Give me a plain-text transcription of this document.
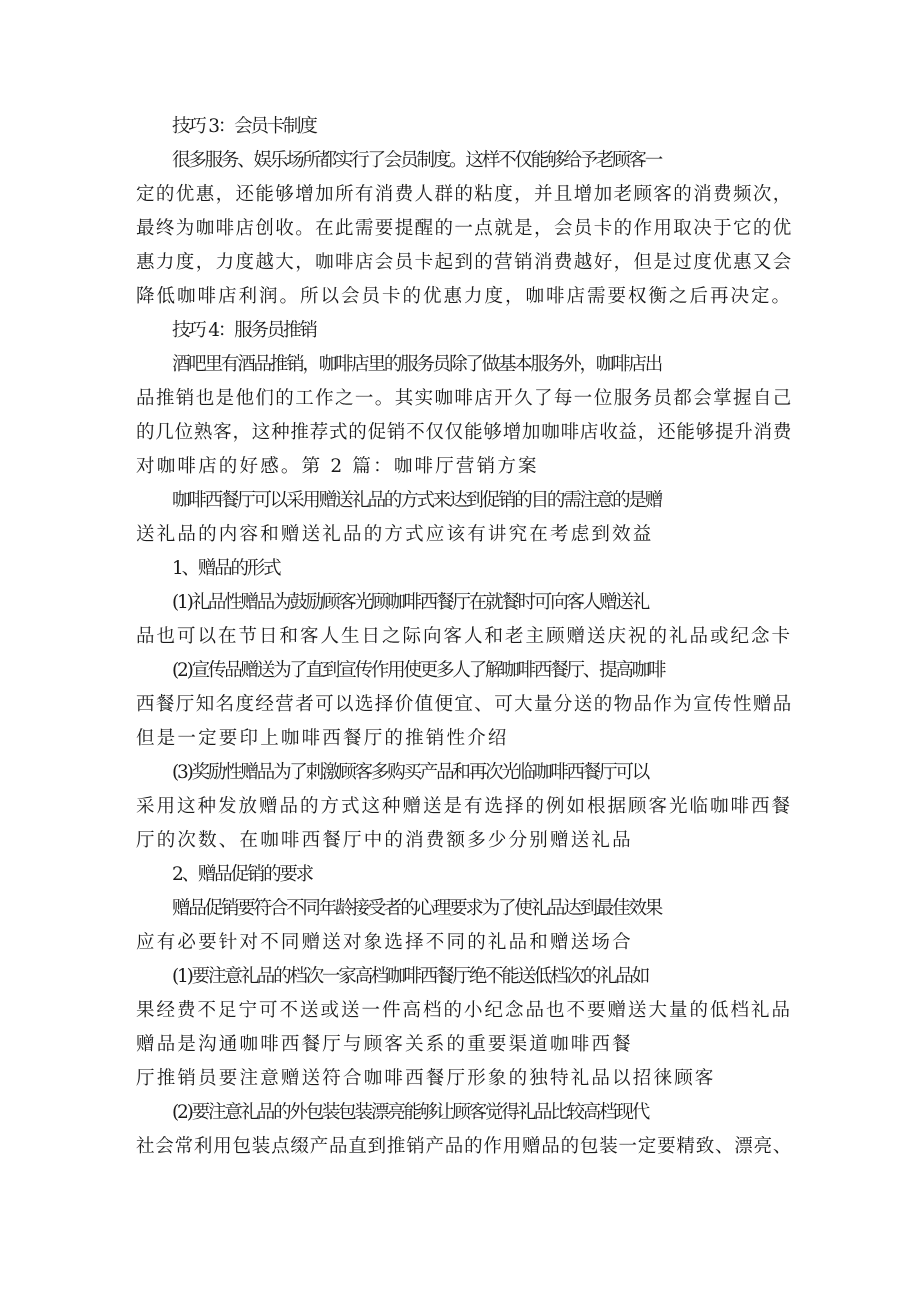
技巧 3：会员卡制度
很多服务、娱乐场所都实行了会员制度。这样不仅能够给予老顾客一
定的优惠，还能够增加所有消费人群的粘度，并且增加老顾客的消费频次，
最终为咖啡店创收。在此需要提醒的一点就是，会员卡的作用取决于它的优
惠力度，力度越大，咖啡店会员卡起到的营销消费越好，但是过度优惠又会
降低咖啡店利润。所以会员卡的优惠力度，咖啡店需要权衡之后再决定。
技巧 4：服务员推销
酒吧里有酒品推销，咖啡店里的服务员除了做基本服务外，咖啡店出
品推销也是他们的工作之一。其实咖啡店开久了每一位服务员都会掌握自己
的几位熟客，这种推荐式的促销不仅仅能够增加咖啡店收益，还能够提升消费
对咖啡店的好感。第 2 篇：咖啡厅营销方案
咖啡西餐厅可以采用赠送礼品的方式来达到促销的目的需注意的是赠
送礼品的内容和赠送礼品的方式应该有讲究在考虑到效益
1、赠品的形式
(1)礼品性赠品为鼓励顾客光顾咖啡西餐厅在就餐时可向客人赠送礼
品也可以在节日和客人生日之际向客人和老主顾赠送庆祝的礼品或纪念卡
(2)宣传品赠送为了直到宣传作用使更多人了解咖啡西餐厅、提高咖啡
西餐厅知名度经营者可以选择价值便宜、可大量分送的物品作为宣传性赠品
但是一定要印上咖啡西餐厅的推销性介绍
(3)奖励性赠品为了刺激顾客多购买产品和再次光临咖啡西餐厅可以
采用这种发放赠品的方式这种赠送是有选择的例如根据顾客光临咖啡西餐
厅的次数、在咖啡西餐厅中的消费额多少分别赠送礼品
2、赠品促销的要求
赠品促销要符合不同年龄接受者的心理要求为了使礼品达到最佳效果
应有必要针对不同赠送对象选择不同的礼品和赠送场合
(1)要注意礼品的档次一家高档咖啡西餐厅绝不能送低档次的礼品如
果经费不足宁可不送或送一件高档的小纪念品也不要赠送大量的低档礼品
赠品是沟通咖啡西餐厅与顾客关系的重要渠道咖啡西餐
厅推销员要注意赠送符合咖啡西餐厅形象的独特礼品以招徕顾客
(2)要注意礼品的外包装包装漂亮能够让顾客觉得礼品比较高档现代
社会常利用包装点缀产品直到推销产品的作用赠品的包装一定要精致、漂亮、
